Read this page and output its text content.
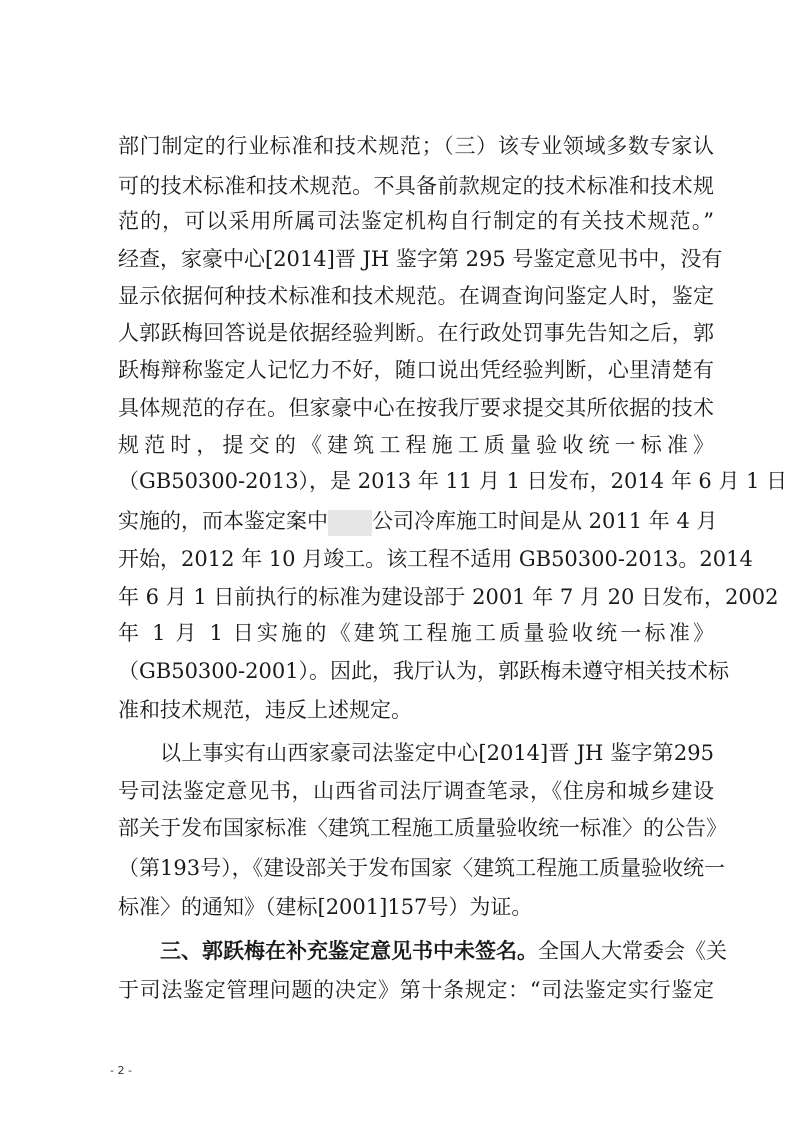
部门制定的行业标准和技术规范；（三）该专业领域多数专家认
可的技术标准和技术规范。不具备前款规定的技术标准和技术规
范的，可以采用所属司法鉴定机构自行制定的有关技术规范。”
经查，家豪中心[2014]晋 JH 鉴字第 295 号鉴定意见书中，没有
显示依据何种技术标准和技术规范。在调查询问鉴定人时，鉴定
人郭跃梅回答说是依据经验判断。在行政处罚事先告知之后，郭
跃梅辩称鉴定人记忆力不好，随口说出凭经验判断，心里清楚有
具体规范的存在。但家豪中心在按我厅要求提交其所依据的技术
规范时，提交的《建筑工程施工质量验收统一标准》
（GB50300-2013），是 2013 年 11 月 1 日发布，2014 年 6 月 1 日
实施的，而本鉴定案中 公司冷库施工时间是从 2011 年 4 月
开始，2012 年 10 月竣工。该工程不适用 GB50300-2013。2014
年 6 月 1 日前执行的标准为建设部于 2001 年 7 月 20 日发布，2002
年 1 月 1 日实施的《建筑工程施工质量验收统一标准》
（GB50300-2001）。因此，我厅认为，郭跃梅未遵守相关技术标
准和技术规范，违反上述规定。
以上事实有山西家豪司法鉴定中心[2014]晋 JH 鉴字第295
号司法鉴定意见书，山西省司法厅调查笔录，《住房和城乡建设
部关于发布国家标准〈建筑工程施工质量验收统一标准〉的公告》
（第193号），《建设部关于发布国家〈建筑工程施工质量验收统一
标准〉的通知》（建标[2001]157号）为证。
三、郭跃梅在补充鉴定意见书中未签名。全国人大常委会《关
于司法鉴定管理问题的决定》第十条规定：“司法鉴定实行鉴定
- 2 -
